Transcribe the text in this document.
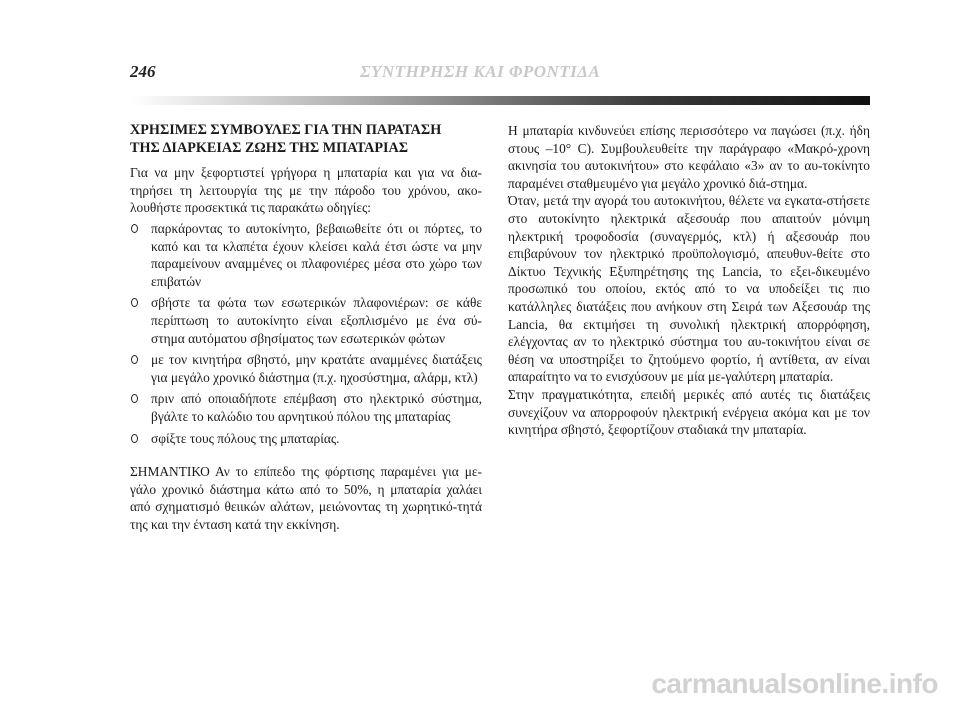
246	ΣΥΝΤΗΡΗΣΗ ΚΑΙ ΦΡΟΝΤΙΔΑ
ΧΡΗΣΙΜΕΣ ΣΥΜΒΟΥΛΕΣ ΓΙΑ ΤΗΝ ΠΑΡΑΤΑΣΗ
ΤΗΣ ΔΙΑΡΚΕΙΑΣ ΖΩΗΣ ΤΗΣ ΜΠΑΤΑΡΙΑΣ

Για να μην ξεφορτιστεί γρήγορα η μπαταρία και για να δια-τηρήσει τη λειτουργία της με την πάροδο του χρόνου, ακο-λουθήστε προσεκτικά τις παρακάτω οδηγίες:

παρκάροντας το αυτοκίνητο, βεβαιωθείτε ότι οι πόρτες, το καπό και τα κλαπέτα έχουν κλείσει καλά έτσι ώστε να μην παραμείνουν αναμμένες οι πλαφονιέρες μέσα στο χώρο των επιβατών
σβήστε τα φώτα των εσωτερικών πλαφονιέρων: σε κάθε περίπτωση το αυτοκίνητο είναι εξοπλισμένο με ένα σύ-στημα αυτόματου σβησίματος των εσωτερικών φώτων
με τον κινητήρα σβηστό, μην κρατάτε αναμμένες διατάξεις για μεγάλο χρονικό διάστημα (π.χ. ηχοσύστημα, αλάρμ, κτλ)
πριν από οποιαδήποτε επέμβαση στο ηλεκτρικό σύστημα, βγάλτε το καλώδιο του αρνητικού πόλου της μπαταρίας
σφίξτε τους πόλους της μπαταρίας.

ΣΗΜΑΝΤΙΚΟ Αν το επίπεδο της φόρτισης παραμένει για με-γάλο χρονικό διάστημα κάτω από το 50%, η μπαταρία χαλάει από σχηματισμό θειικών αλάτων, μειώνοντας τη χωρητικό-τητά της και την ένταση κατά την εκκίνηση.

Η μπαταρία κινδυνεύει επίσης περισσότερο να παγώσει (π.χ. ήδη στους –10° C). Συμβουλευθείτε την παράγραφο «Μακρό-χρονη ακινησία του αυτοκινήτου» στο κεφάλαιο «3» αν το αυ-τοκίνητο παραμένει σταθμευμένο για μεγάλο χρονικό διά-στημα.

Όταν, μετά την αγορά του αυτοκινήτου, θέλετε να εγκατα-στήσετε στο αυτοκίνητο ηλεκτρικά αξεσουάρ που απαιτούν μόνιμη ηλεκτρική τροφοδοσία (συναγερμός, κτλ) ή αξεσουάρ που επιβαρύνουν τον ηλεκτρικό προϋπολογισμό, απευθυν-θείτε στο Δίκτυο Τεχνικής Εξυπηρέτησης της Lancia, το εξει-δικευμένο προσωπικό του οποίου, εκτός από το να υποδείξει τις πιο κατάλληλες διατάξεις που ανήκουν στη Σειρά των Αξεσουάρ της Lancia, θα εκτιμήσει τη συνολική ηλεκτρική απορρόφηση, ελέγχοντας αν το ηλεκτρικό σύστημα του αυ-τοκινήτου είναι σε θέση να υποστηρίξει το ζητούμενο φορτίο, ή αντίθετα, αν είναι απαραίτητο να το ενισχύσουν με μία με-γαλύτερη μπαταρία.

Στην πραγματικότητα, επειδή μερικές από αυτές τις διατάξεις συνεχίζουν να απορροφούν ηλεκτρική ενέργεια ακόμα και με τον κινητήρα σβηστό, ξεφορτίζουν σταδιακά την μπαταρία.

carmanualsonline.info
